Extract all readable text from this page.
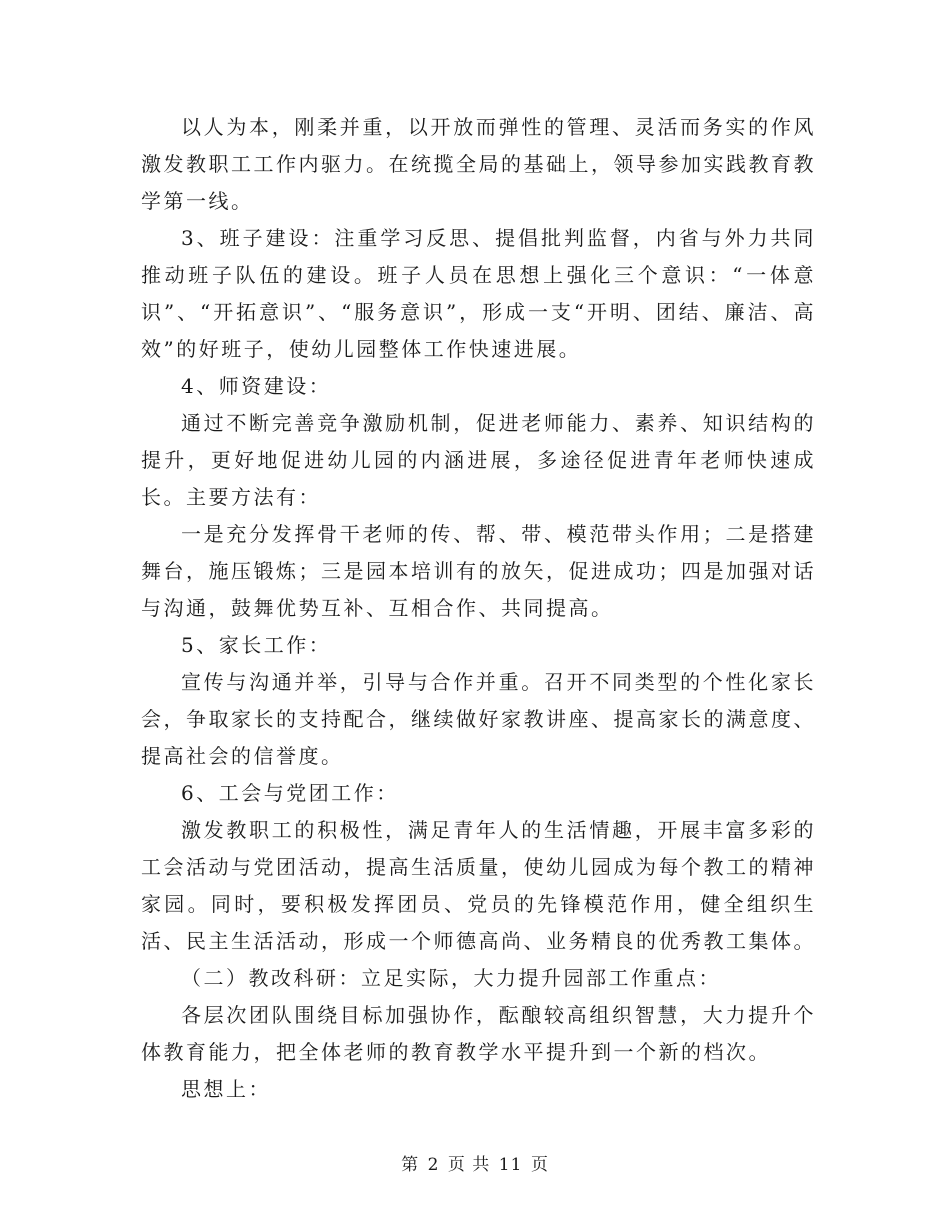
以人为本，刚柔并重，以开放而弹性的管理、灵活而务实的作风激发教职工工作内驱力。在统揽全局的基础上，领导参加实践教育教学第一线。

3、班子建设：注重学习反思、提倡批判监督，内省与外力共同推动班子队伍的建设。班子人员在思想上强化三个意识：“一体意识”、“开拓意识”、“服务意识”，形成一支“开明、团结、廉洁、高效”的好班子，使幼儿园整体工作快速进展。

4、师资建设：

通过不断完善竞争激励机制，促进老师能力、素养、知识结构的提升，更好地促进幼儿园的内涵进展，多途径促进青年老师快速成长。主要方法有：

一是充分发挥骨干老师的传、帮、带、模范带头作用；二是搭建舞台，施压锻炼；三是园本培训有的放矢，促进成功；四是加强对话与沟通，鼓舞优势互补、互相合作、共同提高。

5、家长工作：

宣传与沟通并举，引导与合作并重。召开不同类型的个性化家长会，争取家长的支持配合，继续做好家教讲座、提高家长的满意度、提高社会的信誉度。

6、工会与党团工作：

激发教职工的积极性，满足青年人的生活情趣，开展丰富多彩的工会活动与党团活动，提高生活质量，使幼儿园成为每个教工的精神家园。同时，要积极发挥团员、党员的先锋模范作用，健全组织生活、民主生活活动，形成一个师德高尚、业务精良的优秀教工集体。

（二）教改科研：立足实际，大力提升园部工作重点：

各层次团队围绕目标加强协作，酝酿较高组织智慧，大力提升个体教育能力，把全体老师的教育教学水平提升到一个新的档次。

思想上：

第 2 页 共 11 页
